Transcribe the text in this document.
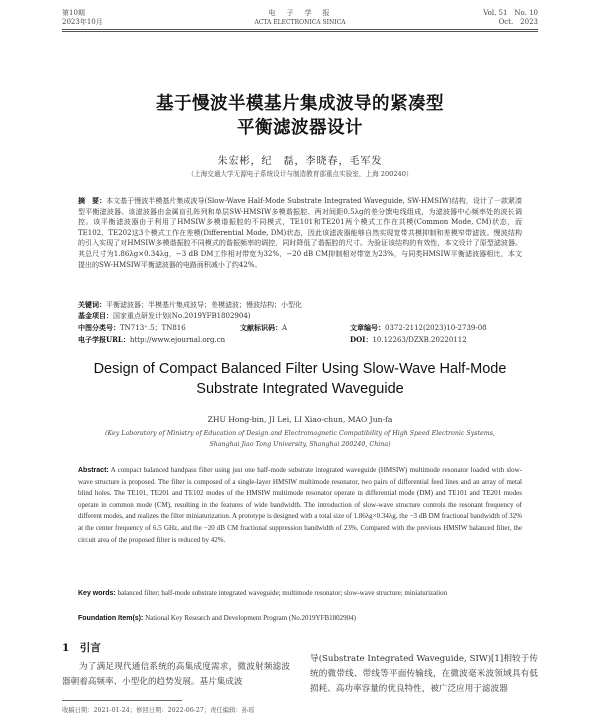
第10期
2023年10月
电　子　学　报
ACTA ELECTRONICA SINICA
Vol. 51　No. 10
Oct.　2023
基于慢波半模基片集成波导的紧凑型
平衡滤波器设计
朱宏彬，纪　磊，李晓春，毛军发
（上海交通大学无源电子系统设计与制造教育部重点实验室，上海 200240）
摘　要：本文基于慢波半模基片集成波导(Slow-Wave Half-Mode Substrate Integrated Waveguide, SW-HMSIW)结构，设计了一款紧凑型平衡滤波器。该滤波器由金属盲孔阵列和单层SW-HMSIW多模谐振腔、两对间距0.5λg的差分馈电线组成，为滤波器中心频率处的波长调控。该平衡滤波器由于利用了HMSIW多模谐振腔的不同模式，TE101和TE201两个模式工作在共模(Common Mode, CM)状态，而TE102、TE202这3个模式工作在差模(Differential Mode, DM)状态，因此该滤波器能够自然实现宽带共模抑制和差模窄带滤波。慢波结构的引入实现了对HMSIW多模谐振腔不同模式的谐振频率的调控，同时降低了谐振腔的尺寸。为验证该结构的有效性，本文设计了原型滤波器。其总尺寸为1.86λg×0.34λg，−3 dB DM工作相对带宽为32%，−20 dB CM抑制相对带宽为23%，与同类HMSIW平衡滤波器相比，本文提出的SW-HMSIW平衡滤波器的电路面积减小了约42%。
关键词：平衡滤波器；半模基片集成波导；差模滤波；慢波结构；小型化
基金项目：国家重点研发计划(No.2019YFB1802904)
中图分类号：TN713⁺.5；TN816	文献标识码：A	文章编号：0372-2112(2023)10-2739-08
电子学报URL：http://www.ejournal.org.cn	DOI：10.12263/DZXB.20220112
Design of Compact Balanced Filter Using Slow-Wave Half-Mode
Substrate Integrated Waveguide
ZHU Hong-bin, JI Lei, LI Xiao-chun, MAO Jun-fa
(Key Laboratory of Ministry of Education of Design and Electromagnetic Compatibility of High Speed Electronic Systems,
Shanghai Jiao Tong University, Shanghai 200240, China)
Abstract: A compact balanced bandpass filter using just one half-mode substrate integrated waveguide (HMSIW) multimode resonator loaded with slow-wave structure is proposed. The filter is composed of a single-layer HMSIW multimode resonator, two pairs of differential feed lines and an array of metal blind holes. The TE101, TE201 and TE102 modes of the HMSIW multimode resonator operate in differential mode (DM) and TE101 and TE201 modes operate in common mode (CM), resulting in the features of wide bandwidth. The introduction of slow-wave structure controls the resonant frequency of different modes, and realizes the filter miniaturization. A prototype is designed with a total size of 1.86λg×0.34λg, the −3 dB DM fractional bandwidth of 32% at the center frequency of 6.5 GHz, and the −20 dB CM fractional suppression bandwidth of 23%. Compared with the previous HMSIW balanced filter, the circuit area of the proposed filter is reduced by 42%.
Key words: balanced filter; half-mode substrate integrated waveguide; multimode resonator; slow-wave structure; miniaturization
Foundation Item(s): National Key Research and Development Program (No.2019YFB1802904)
1　引言
为了满足现代通信系统的高集成度需求，微波射频滤波器朝着高频率、小型化的趋势发展。基片集成波
导(Substrate Integrated Waveguide, SIW)[1]相较于传统的微带线、带线等平面传输线，在微波毫米波领域具有低损耗、高功率容量的优良特性，被广泛应用于滤波器
收稿日期：2021-01-24；修回日期：2022-06-27；责任编辑：孙瑶
